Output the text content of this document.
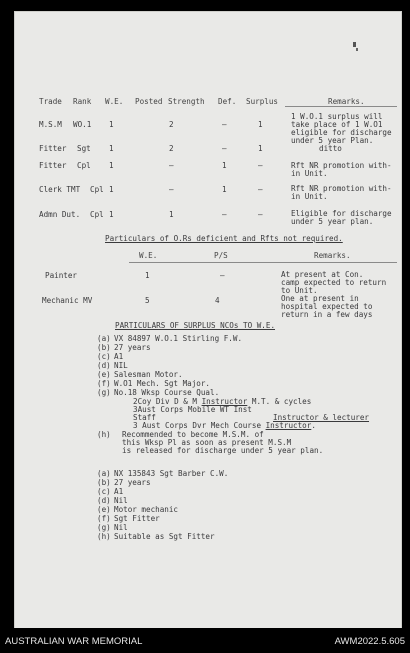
Trade Rank W.E. Posted Strength Def. Surplus	Remarks.
M.S.M WO.1 1	2	–	1
1 W.O.1 surplus will
take place of 1 W.O1
eligible for discharge
under 5 year Plan.
Fitter Sgt 1	2	–	1	ditto
Fitter Cpl 1	–	1	–	Rft NR promotion with-
in Unit.
Clerk TMT Cpl 1	–	1	–	Rft NR promotion with-
in Unit.
Admn Dut. Cpl 1	1	–	–	Eligible for discharge
under 5 year plan.
Particulars of O.Rs deficient and Rfts not required.
W.E.	P/S	Remarks.
Painter	1	–	At present at Con.
camp expected to return
to Unit.
Mechanic MV	5	4	One at present in
hospital expected to
return in a few days
PARTICULARS OF SURPLUS NCOs TO W.E.
(a) VX 84897 W.O.1 Stirling F.W.
(b) 27 years
(c) A1
(d) NIL
(e) Salesman Motor.
(f) W.O1 Mech. Sgt Major.
(g) No.18 Wksp Course Qual.
2Coy Div D & M Instructor M.T. & cycles
3Aust Corps Mobile WT Inst
Staff	Instructor & lecturer
3 Aust Corps Dvr Mech Course Instructor.
(h) Recommended to become M.S.M. of
this Wksp Pl as soon as present M.S.M
is released for discharge under 5 year plan.
(a) NX 135843 Sgt Barber C.W.
(b) 27 years
(c) A1
(d) Nil
(e) Motor mechanic
(f) Sgt Fitter
(g) Nil
(h) Suitable as Sgt Fitter
AUSTRALIAN WAR MEMORIAL	AWM2022.5.605
